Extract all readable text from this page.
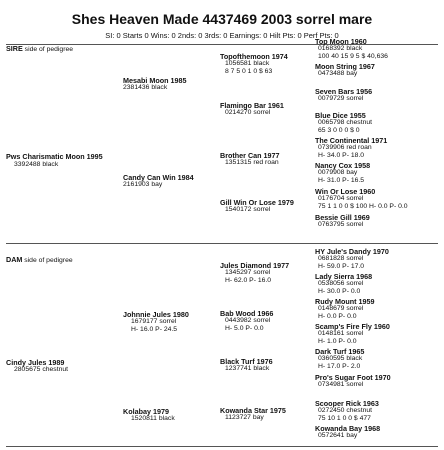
Shes Heaven Made 4437469 2003 sorrel mare
SI: 0 Starts 0 Wins: 0 2nds: 0 3rds: 0 Earnings: 0 Hilt Pts: 0 Perf Pts: 0
SIRE side of pedigree
Pws Charismatic Moon 1995
3392488 black
Mesabi Moon 1985
2381436 black
Candy Can Win 1984
2161903 bay
Topofthemoon 1974
1056581 black
8 7 5 0 1 0 $ 63
Flamingo Bar 1961
0214270 sorrel
Brother Can 1977
1351315 red roan
Gill Win Or Lose 1979
1540172 sorrel
Top Moon 1960
0168392 black
100 40 15 9 5 $ 40,636
Moon String 1967
0473488 bay
Seven Bars 1956
0079729 sorrel
Blue Dice 1955
0065798 chestnut
65 3 0 0 0 $ 0
The Continental 1971
0739906 red roan
H- 34.0 P- 18.0
Nancy Cox 1958
0079908 bay
H- 31.0 P- 16.5
Win Or Lose 1960
0176704 sorrel
75 1 1 0 0 $ 100 H- 0.0 P- 0.0
Bessie Gill 1969
0763795 sorrel
DAM side of pedigree
Cindy Jules 1989
2805675 chestnut
Johnnie Jules 1980
1679177 sorrel
H- 16.0 P- 24.5
Kolabay 1979
1520811 black
Jules Diamond 1977
1345297 sorrel
H- 62.0 P- 16.0
Bab Wood 1966
0443982 sorrel
H- 5.0 P- 0.0
Black Turf 1976
1237741 black
Kowanda Star 1975
1123727 bay
HY Jule's Dandy 1970
0681828 sorrel
H- 59.0 P- 17.0
Lady Sierra 1968
0538056 sorrel
H- 30.0 P- 0.0
Rudy Mount 1959
0148679 sorrel
H- 0.0 P- 0.0
Scamp's Fire Fly 1960
0148161 sorrel
H- 1.0 P- 0.0
Dark Turf 1965
0360595 black
H- 17.0 P- 2.0
Pro's Sugar Foot 1970
0734981 sorrel
Scooper Rick 1963
0272450 chestnut
75 10 1 0 0 $ 477
Kowanda Bay 1968
0572641 bay
